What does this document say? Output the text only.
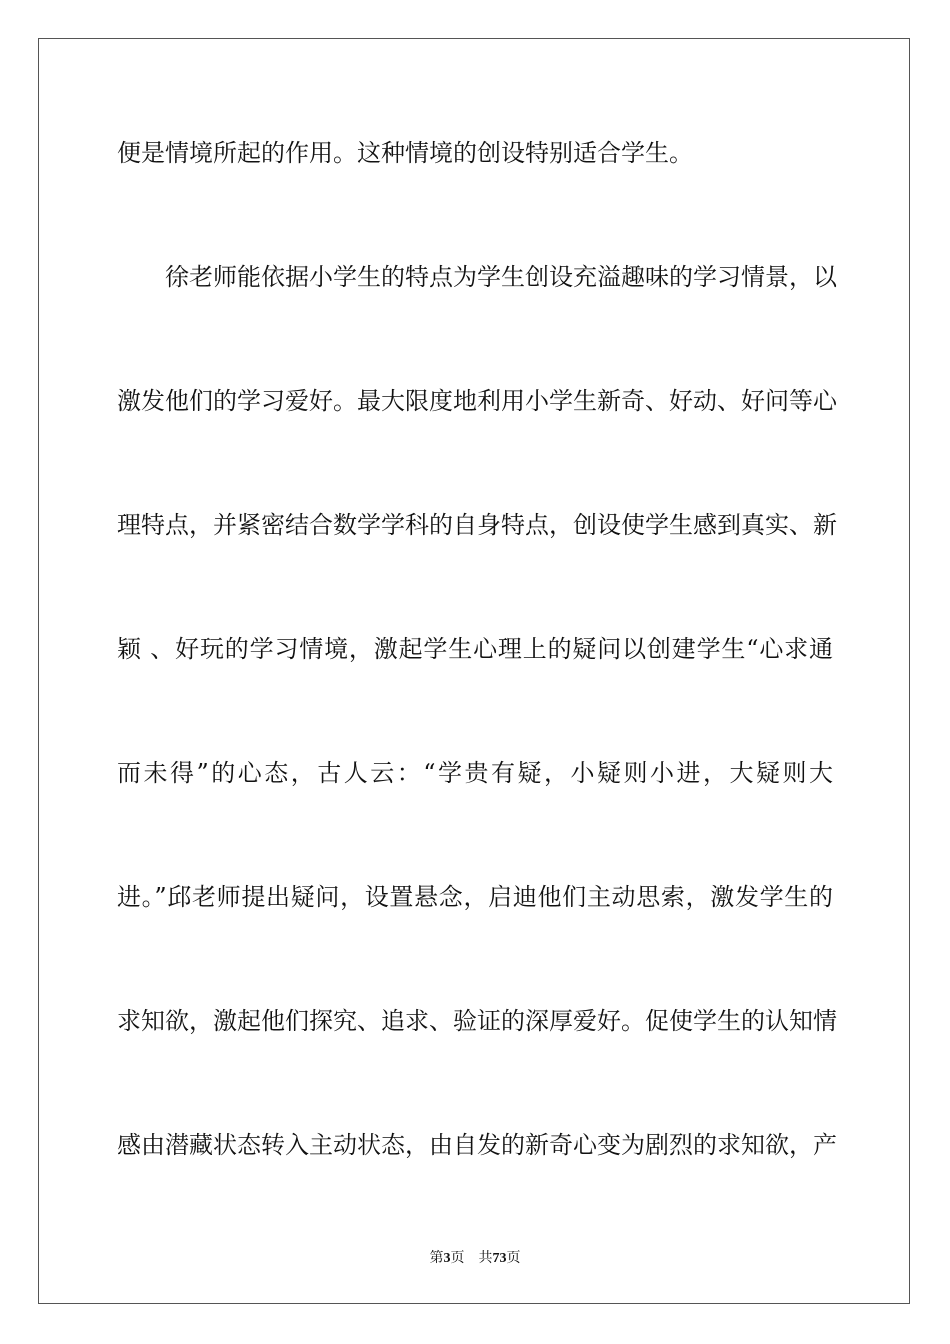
便是情境所起的作用。这种情境的创设特别适合学生。

徐老师能依据小学生的特点为学生创设充溢趣味的学习情景，以

激发他们的学习爱好。最大限度地利用小学生新奇、好动、好问等心

理特点，并紧密结合数学学科的自身特点，创设使学生感到真实、新

颖 、好玩的学习情境，激起学生心理上的疑问以创建学生“心求通

而未得”的心态，古人云：“学贵有疑，小疑则小进，大疑则大

进。”邱老师提出疑问，设置悬念，启迪他们主动思索，激发学生的

求知欲，激起他们探究、追求、验证的深厚爱好。促使学生的认知情

感由潜藏状态转入主动状态，由自发的新奇心变为剧烈的求知欲，产

第3页 共73页
